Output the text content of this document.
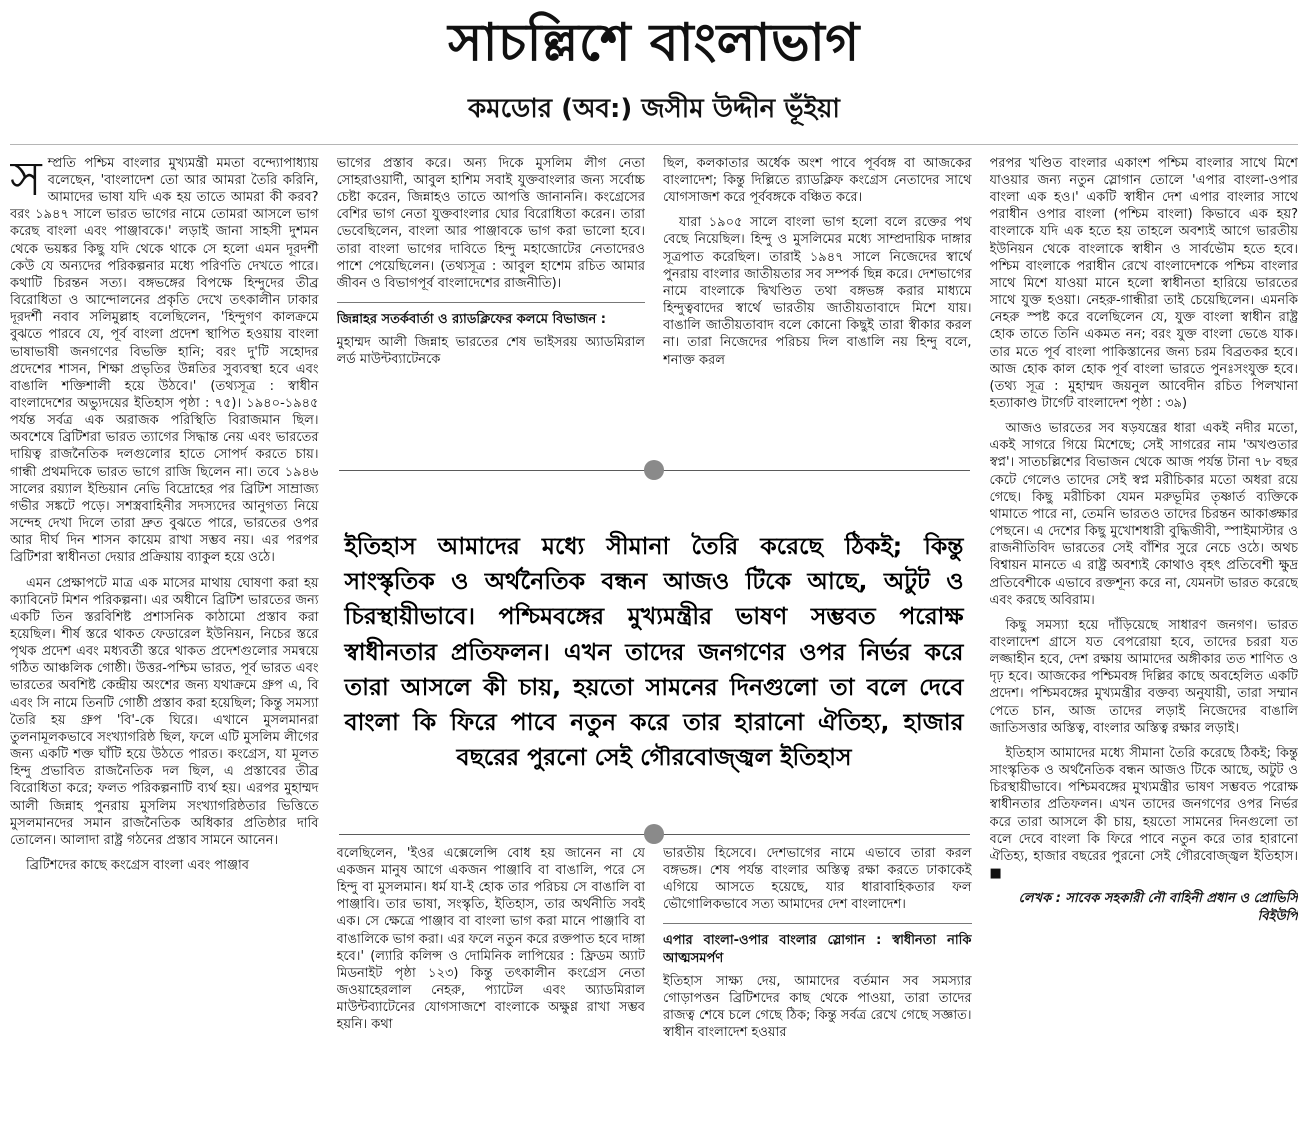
সাচল্লিশে বাংলাভাগ
কমডোর (অব:) জসীম উদ্দীন ভূঁইয়া

সম্প্রতি পশ্চিম বাংলার মুখ্যমন্ত্রী মমতা বন্দ্যোপাধ্যায় বলেছেন, 'বাংলাদেশ তো আর আমরা তৈরি করিনি, আমাদের ভাষা যদি এক হয় তাতে আমরা কী করব? বরং ১৯৪৭ সালে ভারত ভাগের নামে তোমরা আসলে ভাগ করেছ বাংলা এবং পাঞ্জাবকে।' লড়াই জানা সাহসী দুশমন থেকে ভয়ঙ্কর কিছু যদি থেকে থাকে সে হলো এমন দূরদর্শী কেউ যে অন্যদের পরিকল্পনার মধ্যে পরিণতি দেখতে পারে। কথাটি চিরন্তন সত্য। বঙ্গভঙ্গের বিপক্ষে হিন্দুদের তীব্র বিরোধিতা ও আন্দোলনের প্রকৃতি দেখে তৎকালীন ঢাকার দূরদর্শী নবাব সলিমুল্লাহ বলেছিলেন, 'হিন্দুগণ কালক্রমে বুঝতে পারবে যে, পূর্ব বাংলা প্রদেশ স্থাপিত হওয়ায় বাংলা ভাষাভাষী জনগণের বিভক্তি হানি; বরং দু'টি সহোদর প্রদেশের শাসন, শিক্ষা প্রভৃতির উন্নতির সুব্যবস্থা হবে এবং বাঙালি শক্তিশালী হয়ে উঠবে।' (তথ্যসূত্র : স্বাধীন বাংলাদেশের অভ্যুদয়ের ইতিহাস পৃষ্ঠা : ৭৫)। ১৯৪০-১৯৪৫ পর্যন্ত সর্বত্র এক অরাজক পরিস্থিতি বিরাজমান ছিল। অবশেষে ব্রিটিশরা ভারত ত্যাগের সিদ্ধান্ত নেয় এবং ভারতের দায়িত্ব রাজনৈতিক দলগুলোর হাতে সোপর্দ করতে চায়। গান্ধী প্রথমদিকে ভারত ভাগে রাজি ছিলেন না। তবে ১৯৪৬ সালের রয়্যাল ইন্ডিয়ান নেভি বিদ্রোহের পর ব্রিটিশ সাম্রাজ্য গভীর সঙ্কটে পড়ে। সশস্ত্রবাহিনীর সদস্যদের আনুগত্য নিয়ে সন্দেহ দেখা দিলে তারা দ্রুত বুঝতে পারে, ভারতের ওপর আর দীর্ঘ দিন শাসন কায়েম রাখা সম্ভব নয়। এর পরপর ব্রিটিশরা স্বাধীনতা দেয়ার প্রক্রিয়ায় ব্যাকুল হয়ে ওঠে।

এমন প্রেক্ষাপটে মাত্র এক মাসের মাথায় ঘোষণা করা হয় ক্যাবিনেট মিশন পরিকল্পনা। এর অধীনে ব্রিটিশ ভারতের জন্য একটি তিন স্তরবিশিষ্ট প্রশাসনিক কাঠামো প্রস্তাব করা হয়েছিল। শীর্ষ স্তরে থাকত ফেডারেল ইউনিয়ন, নিচের স্তরে পৃথক প্রদেশ এবং মধ্যবর্তী স্তরে থাকত প্রদেশগুলোর সমন্বয়ে গঠিত আঞ্চলিক গোষ্ঠী। উত্তর-পশ্চিম ভারত, পূর্ব ভারত এবং ভারতের অবশিষ্ট কেন্দ্রীয় অংশের জন্য যথাক্রমে গ্রুপ এ, বি এবং সি নামে তিনটি গোষ্ঠী প্রস্তাব করা হয়েছিল; কিন্তু সমস্যা তৈরি হয় গ্রুপ 'বি'-কে ঘিরে। এখানে মুসলমানরা তুলনামূলকভাবে সংখ্যাগরিষ্ঠ ছিল, ফলে এটি মুসলিম লীগের জন্য একটি শক্ত ঘাঁটি হয়ে উঠতে পারত। কংগ্রেস, যা মূলত হিন্দু প্রভাবিত রাজনৈতিক দল ছিল, এ প্রস্তাবের তীব্র বিরোধিতা করে; ফলত পরিকল্পনাটি ব্যর্থ হয়। এরপর মুহাম্মদ আলী জিন্নাহ পুনরায় মুসলিম সংখ্যাগরিষ্ঠতার ভিত্তিতে মুসলমানদের সমান রাজনৈতিক অধিকার প্রতিষ্ঠার দাবি তোলেন। আলাদা রাষ্ট্র গঠনের প্রস্তাব সামনে আনেন।

ব্রিটিশদের কাছে কংগ্রেস বাংলা এবং পাঞ্জাব

ভাগের প্রস্তাব করে। অন্য দিকে মুসলিম লীগ নেতা সোহরাওয়ার্দী, আবুল হাশিম সবাই যুক্তবাংলার জন্য সর্বোচ্চ চেষ্টা করেন, জিন্নাহও তাতে আপত্তি জানাননি। কংগ্রেসের বেশির ভাগ নেতা যুক্তবাংলার ঘোর বিরোধিতা করেন। তারা ভেবেছিলেন, বাংলা আর পাঞ্জাবকে ভাগ করা ভালো হবে। তারা বাংলা ভাগের দাবিতে হিন্দু মহাজোটের নেতাদেরও পাশে পেয়েছিলেন। (তথ্যসূত্র : আবুল হাশেম রচিত আমার জীবন ও বিভাগপূর্ব বাংলাদেশের রাজনীতি)।

জিন্নাহর সতর্কবার্তা ও র‍্যাডক্লিফের কলমে বিভাজন :

মুহাম্মদ আলী জিন্নাহ ভারতের শেষ ভাইসরয় অ্যাডমিরাল লর্ড মাউন্টব্যাটেনকে

ছিল, কলকাতার অর্ধেক অংশ পাবে পূর্ববঙ্গ বা আজকের বাংলাদেশ; কিন্তু দিল্লিতে র‍্যাডক্লিফ কংগ্রেস নেতাদের সাথে যোগসাজশ করে পূর্ববঙ্গকে বঞ্চিত করে।

যারা ১৯০৫ সালে বাংলা ভাগ হলো বলে রক্তের পথ বেছে নিয়েছিল। হিন্দু ও মুসলিমের মধ্যে সাম্প্রদায়িক দাঙ্গার সূত্রপাত করেছিল। তারাই ১৯৪৭ সালে নিজেদের স্বার্থে পুনরায় বাংলার জাতীয়তার সব সম্পর্ক ছিন্ন করে। দেশভাগের নামে বাংলাকে দ্বিখণ্ডিত তথা বঙ্গভঙ্গ করার মাধ্যমে হিন্দুত্ববাদের স্বার্থে ভারতীয় জাতীয়তাবাদে মিশে যায়। বাঙালি জাতীয়তাবাদ বলে কোনো কিছুই তারা স্বীকার করল না। তারা নিজেদের পরিচয় দিল বাঙালি নয় হিন্দু বলে, শনাক্ত করল

ইতিহাস আমাদের মধ্যে সীমানা তৈরি করেছে ঠিকই; কিন্তু সাংস্কৃতিক ও অর্থনৈতিক বন্ধন আজও টিকে আছে, অটুট ও চিরস্থায়ীভাবে। পশ্চিমবঙ্গের মুখ্যমন্ত্রীর ভাষণ সম্ভবত পরোক্ষ স্বাধীনতার প্রতিফলন। এখন তাদের জনগণের ওপর নির্ভর করে তারা আসলে কী চায়, হয়তো সামনের দিনগুলো তা বলে দেবে বাংলা কি ফিরে পাবে নতুন করে তার হারানো ঐতিহ্য, হাজার বছরের পুরনো সেই গৌরবোজ্জ্বল ইতিহাস

বলেছিলেন, 'ইওর এক্সেলেন্সি বোধ হয় জানেন না যে একজন মানুষ আগে একজন পাঞ্জাবি বা বাঙালি, পরে সে হিন্দু বা মুসলমান। ধর্ম যা-ই হোক তার পরিচয় সে বাঙালি বা পাঞ্জাবি। তার ভাষা, সংস্কৃতি, ইতিহাস, তার অর্থনীতি সবই এক। সে ক্ষেত্রে পাঞ্জাব বা বাংলা ভাগ করা মানে পাঞ্জাবি বা বাঙালিকে ভাগ করা। এর ফলে নতুন করে রক্তপাত হবে দাঙ্গা হবে।' (ল্যারি কলিন্স ও দোমিনিক লাপিয়ের : ফ্রিডম অ্যাট মিডনাইট পৃষ্ঠা ১২৩) কিন্তু তৎকালীন কংগ্রেস নেতা জওয়াহেরলাল নেহরু, প্যাটেল এবং অ্যাডমিরাল মাউন্টব্যাটেনের যোগসাজশে বাংলাকে অক্ষুণ্ণ রাখা সম্ভব হয়নি। কথা

ভারতীয় হিসেবে। দেশভাগের নামে এভাবে তারা করল বঙ্গভঙ্গ। শেষ পর্যন্ত বাংলার অস্তিত্ব রক্ষা করতে ঢাকাকেই এগিয়ে আসতে হয়েছে, যার ধারাবাহিকতার ফল ভৌগোলিকভাবে সত্য আমাদের দেশ বাংলাদেশ।

এপার বাংলা-ওপার বাংলার স্লোগান : স্বাধীনতা নাকি আত্মসমর্পণ

ইতিহাস সাক্ষ্য দেয়, আমাদের বর্তমান সব সমস্যার গোড়াপত্তন ব্রিটিশদের কাছ থেকে পাওয়া, তারা তাদের রাজত্ব শেষে চলে গেছে ঠিক; কিন্তু সর্বত্র রেখে গেছে সজ্ঞাত। স্বাধীন বাংলাদেশ হওয়ার

পরপর খণ্ডিত বাংলার একাংশ পশ্চিম বাংলার সাথে মিশে যাওয়ার জন্য নতুন স্লোগান তোলে 'এপার বাংলা-ওপার বাংলা এক হও।' একটি স্বাধীন দেশ এপার বাংলার সাথে পরাধীন ওপার বাংলা (পশ্চিম বাংলা) কিভাবে এক হয়? বাংলাকে যদি এক হতে হয় তাহলে অবশ্যই আগে ভারতীয় ইউনিয়ন থেকে বাংলাকে স্বাধীন ও সার্বভৌম হতে হবে। পশ্চিম বাংলাকে পরাধীন রেখে বাংলাদেশকে পশ্চিম বাংলার সাথে মিশে যাওয়া মানে হলো স্বাধীনতা হারিয়ে ভারতের সাথে যুক্ত হওয়া। নেহরু-গান্ধীরা তাই চেয়েছিলেন। এমনকি নেহরু স্পষ্ট করে বলেছিলেন যে, যুক্ত বাংলা স্বাধীন রাষ্ট্র হোক তাতে তিনি একমত নন; বরং যুক্ত বাংলা ভেঙে যাক। তার মতে পূর্ব বাংলা পাকিস্তানের জন্য চরম বিব্রতকর হবে। আজ হোক কাল হোক পূর্ব বাংলা ভারতে পুনঃসংযুক্ত হবে। (তথ্য সূত্র : মুহাম্মদ জয়নুল আবেদীন রচিত পিলখানা হত্যাকাণ্ড টার্গেট বাংলাদেশ পৃষ্ঠা : ৩৯)

আজও ভারতের সব ষড়যন্ত্রের ধারা একই নদীর মতো, একই সাগরে গিয়ে মিশেছে; সেই সাগরের নাম 'অখণ্ডতার স্বপ্ন'। সাতচল্লিশের বিভাজন থেকে আজ পর্যন্ত টানা ৭৮ বছর কেটে গেলেও তাদের সেই স্বপ্ন মরীচিকার মতো অধরা রয়ে গেছে। কিছু মরীচিকা যেমন মরুভূমির তৃষ্ণার্ত ব্যক্তিকে থামাতে পারে না, তেমনি ভারতও তাদের চিরন্তন আকাঙ্ক্ষার পেছনে। এ দেশের কিছু মুখোশধারী বুদ্ধিজীবী, স্পাইমাস্টার ও রাজনীতিবিদ ভারতের সেই বাঁশির সুরে নেচে ওঠে। অথচ বিশ্বায়ন মানতে এ রাষ্ট্র অবশ্যই কোথাও বৃহৎ প্রতিবেশী ক্ষুদ্র প্রতিবেশীকে এভাবে রক্তশূন্য করে না, যেমনটা ভারত করেছে এবং করছে অবিরাম।

কিছু সমস্যা হয়ে দাঁড়িয়েছে সাধারণ জনগণ। ভারত বাংলাদেশ গ্রাসে যত বেপরোয়া হবে, তাদের চররা যত লজ্জাহীন হবে, দেশ রক্ষায় আমাদের অঙ্গীকার তত শাণিত ও দৃঢ় হবে। আজকের পশ্চিমবঙ্গ দিল্লির কাছে অবহেলিত একটি প্রদেশ। পশ্চিমবঙ্গের মুখ্যমন্ত্রীর বক্তব্য অনুযায়ী, তারা সম্মান পেতে চান, আজ তাদের লড়াই নিজেদের বাঙালি জাতিসত্তার অস্তিত্ব, বাংলার অস্তিত্ব রক্ষার লড়াই।

ইতিহাস আমাদের মধ্যে সীমানা তৈরি করেছে ঠিকই; কিন্তু সাংস্কৃতিক ও অর্থনৈতিক বন্ধন আজও টিকে আছে, অটুট ও চিরস্থায়ীভাবে। পশ্চিমবঙ্গের মুখ্যমন্ত্রীর ভাষণ সম্ভবত পরোক্ষ স্বাধীনতার প্রতিফলন। এখন তাদের জনগণের ওপর নির্ভর করে তারা আসলে কী চায়, হয়তো সামনের দিনগুলো তা বলে দেবে বাংলা কি ফিরে পাবে নতুন করে তার হারানো ঐতিহ্য, হাজার বছরের পুরনো সেই গৌরবোজ্জ্বল ইতিহাস। ■

লেখক : সাবেক সহকারী নৌ বাহিনী প্রধান ও প্রোভিসি বিইউপি
